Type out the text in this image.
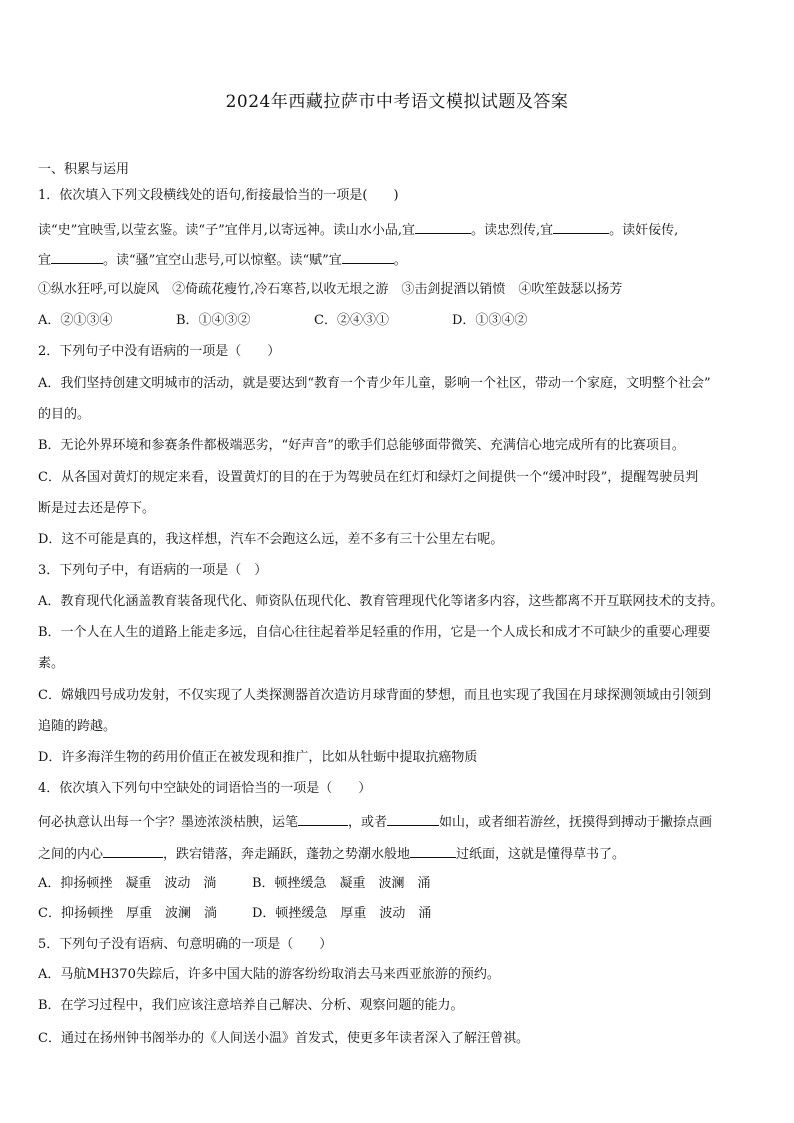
2024年西藏拉萨市中考语文模拟试题及答案
一、积累与运用
1．依次填入下列文段横线处的语句,衔接最恰当的一项是(　　)
读“史”宜映雪,以莹玄鉴。读“子”宜伴月,以寄远神。读山水小品,宜	。读忠烈传,宜	。读奸佞传,
宜	。读“骚”宜空山悲号,可以惊壑。读“赋”宜	。
①纵水狂呼,可以旋风　②倚疏花瘦竹,冷石寒苔,以收无垠之游　③击剑捉酒以销愤　④吹笙鼓瑟以扬芳
A．②①③④	B．①④③②	C．②④③①	D．①③④②
2．下列句子中没有语病的一项是（　　）
A．我们坚持创建文明城市的活动，就是要达到“教育一个青少年儿童，影响一个社区，带动一个家庭，文明整个社会”
的目的。
B．无论外界环境和参赛条件都极端恶劣，“好声音”的歌手们总能够面带微笑、充满信心地完成所有的比赛项目。
C．从各国对黄灯的规定来看，设置黄灯的目的在于为驾驶员在红灯和绿灯之间提供一个“缓冲时段”，提醒驾驶员判
断是过去还是停下。
D．这不可能是真的，我这样想，汽车不会跑这么远，差不多有三十公里左右呢。
3．下列句子中，有语病的一项是（　）
A．教育现代化涵盖教育装备现代化、师资队伍现代化、教育管理现代化等诸多内容，这些都离不开互联网技术的支持。
B．一个人在人生的道路上能走多远，自信心往往起着举足轻重的作用，它是一个人成长和成才不可缺少的重要心理要
素。
C．嫦娥四号成功发射，不仅实现了人类探测器首次造访月球背面的梦想，而且也实现了我国在月球探测领域由引领到
追随的跨越。
D．许多海洋生物的药用价值正在被发现和推广，比如从牡蛎中提取抗癌物质
4．依次填入下列句中空缺处的词语恰当的一项是（　　）
何必执意认出每一个字？墨迹浓淡枯腴，运笔	，或者	如山，或者细若游丝，抚摸得到搏动于撇捺点画
之间的内心	，跌宕错落，奔走踊跃，蓬勃之势潮水般地	过纸面，这就是懂得草书了。
A．抑扬顿挫　凝重　波动　淌	B．顿挫缓急　凝重　波澜　涌
C．抑扬顿挫　厚重　波澜　淌	D．顿挫缓急　厚重　波动　涌
5．下列句子没有语病、句意明确的一项是（　　）
A．马航MH370失踪后，许多中国大陆的游客纷纷取消去马来西亚旅游的预约。
B．在学习过程中，我们应该注意培养自己解决、分析、观察问题的能力。
C．通过在扬州钟书阁举办的《人间送小温》首发式，使更多年读者深入了解汪曾祺。
